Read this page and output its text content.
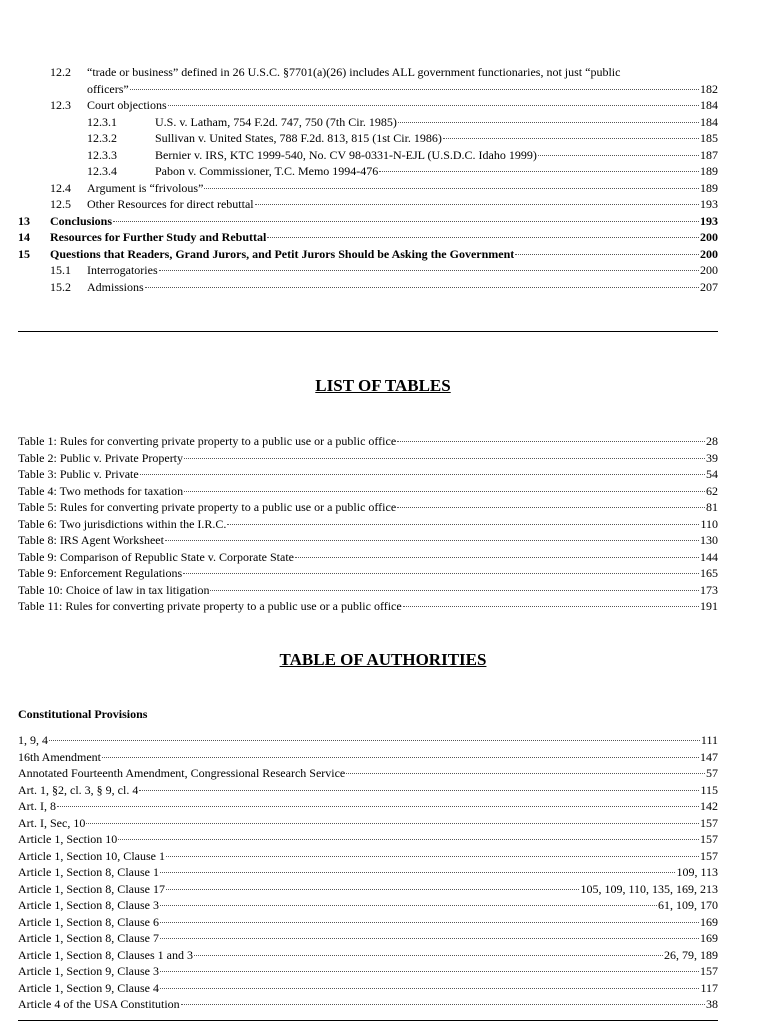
12.2	“trade or business” defined in 26 U.S.C. §7701(a)(26) includes ALL government functionaries, not just “public
officers”	182
12.3	Court objections	184
12.3.1	U.S. v. Latham, 754 F.2d. 747, 750 (7th Cir. 1985)	184
12.3.2	Sullivan v. United States, 788 F.2d. 813, 815 (1st Cir. 1986)	185
12.3.3	Bernier v. IRS, KTC 1999-540, No. CV 98-0331-N-EJL (U.S.D.C. Idaho 1999)	187
12.3.4	Pabon v. Commissioner, T.C. Memo 1994-476	189
12.4	Argument is “frivolous”	189
12.5	Other Resources for direct rebuttal	193
13	Conclusions	193
14	Resources for Further Study and Rebuttal	200
15	Questions that Readers, Grand Jurors, and Petit Jurors Should be Asking the Government	200
15.1	Interrogatories	200
15.2	Admissions	207
LIST OF TABLES
Table 1: Rules for converting private property to a public use or a public office	28
Table 2: Public v. Private Property	39
Table 3: Public v. Private	54
Table 4: Two methods for taxation	62
Table 5: Rules for converting private property to a public use or a public office	81
Table 6: Two jurisdictions within the I.R.C.	110
Table 8: IRS Agent Worksheet	130
Table 9: Comparison of Republic State v. Corporate State	144
Table 9: Enforcement Regulations	165
Table 10: Choice of law in tax litigation	173
Table 11: Rules for converting private property to a public use or a public office	191
TABLE OF AUTHORITIES
Constitutional Provisions
1, 9, 4	111
16th Amendment	147
Annotated Fourteenth Amendment, Congressional Research Service	57
Art. 1, §2, cl. 3, § 9, cl. 4	115
Art. I, 8	142
Art. I, Sec, 10	157
Article 1, Section 10	157
Article 1, Section 10, Clause 1	157
Article 1, Section 8, Clause 1	109, 113
Article 1, Section 8, Clause 17	105, 109, 110, 135, 169, 213
Article 1, Section 8, Clause 3	61, 109, 170
Article 1, Section 8, Clause 6	169
Article 1, Section 8, Clause 7	169
Article 1, Section 8, Clauses 1 and 3	26, 79, 189
Article 1, Section 9, Clause 3	157
Article 1, Section 9, Clause 4	117
Article 4 of the USA Constitution	38
